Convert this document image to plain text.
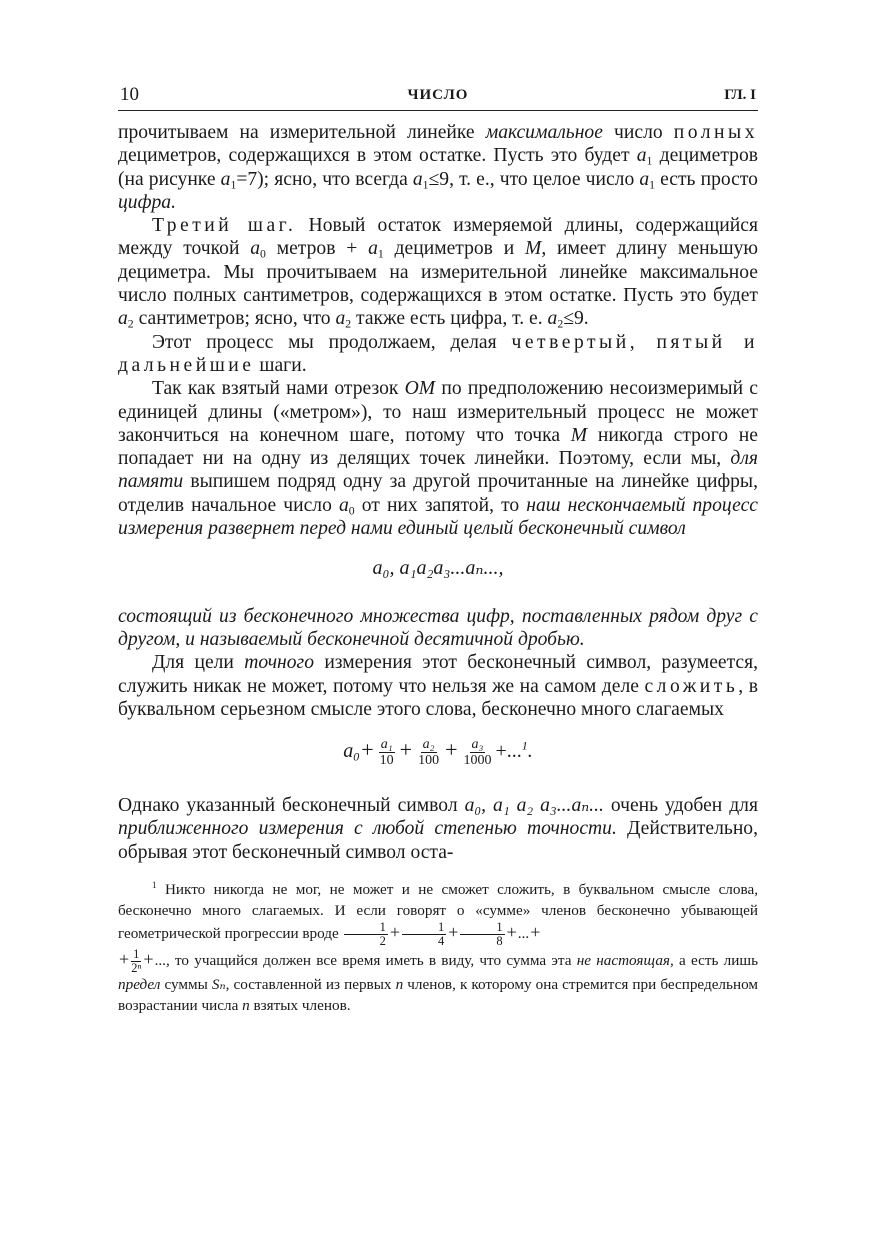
10	ЧИСЛО	ГЛ. I

прочитываем на измерительной линейке максимальное число полных дециметров, содержащихся в этом остатке. Пусть это будет $a_1$ дециметров (на рисунке $a_1=7$); ясно, что всегда $a_1\le 9$, т. е., что целое число $a_1$ есть просто цифра.

Третий шаг. Новый остаток измеряемой длины, содержащийся между точкой $a_0$ метров + $a_1$ дециметров и M, имеет длину меньшую дециметра. Мы прочитываем на измерительной линейке максимальное число полных сантиметров, содержащихся в этом остатке. Пусть это будет $a_2$ сантиметров; ясно, что $a_2$ также есть цифра, т. е. $a_2\le 9$.

Этот процесс мы продолжаем, делая четвертый, пятый и дальнейшие шаги.

Так как взятый нами отрезок OM по предположению несоизмеримый с единицей длины («метром»), то наш измерительный процесс не может закончиться на конечном шаге, потому что точка M никогда строго не попадает ни на одну из делящих точек линейки. Поэтому, если мы, для памяти выпишем подряд одну за другой прочитанные на линейке цифры, отделив начальное число $a_0$ от них запятой, то наш нескончаемый процесс измерения развернет перед нами единый целый бесконечный символ

a₀, a₁a₂a₃...aₙ...,

состоящий из бесконечного множества цифр, поставленных рядом друг с другом, и называемый бесконечной десятичной дробью.

Для цели точного измерения этот бесконечный символ, разумеется, служить никак не может, потому что нельзя же на самом деле сложить, в буквальном серьезном смысле этого слова, бесконечно много слагаемых

$a_0+ \frac{\text{a₁}}{10} + \frac{\text{a₂}}{100} + \frac{\text{a₃}}{1000} +...^1$.

Однако указанный бесконечный символ a₀, a₁ a₂ a₃...aₙ... очень удобен для приближенного измерения с любой степенью точности. Действительно, обрывая этот бесконечный символ оста-

$^1$ Никто никогда не мог, не может и не сможет сложить, в буквальном смысле слова, бесконечно много слагаемых. И если говорят о «сумме» членов бесконечно убывающей геометрической прогрессии вроде $\frac{1}{2} + \frac{1}{4} + \frac{1}{8}$ +...+

+ $\frac{1}{\text{2ⁿ}}$ +..., то учащийся должен все время иметь в виду, что сумма эта не настоящая, а есть лишь предел суммы Sₙ, составленной из первых n членов, к которому она стремится при беспредельном возрастании числа n взятых членов.
